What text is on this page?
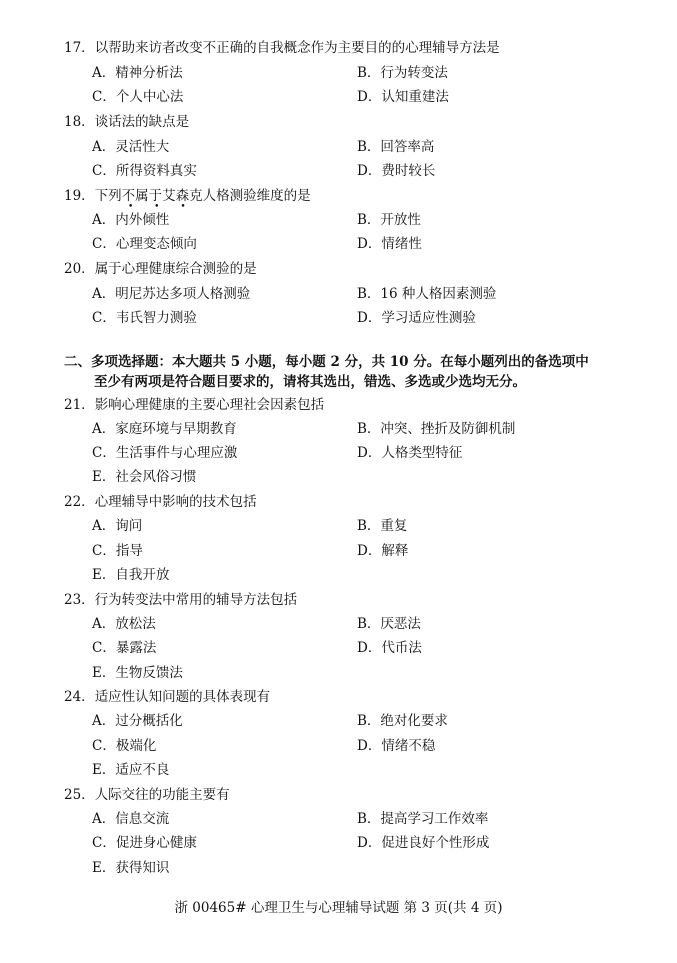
17．以帮助来访者改变不正确的自我概念作为主要目的的心理辅导方法是
A．精神分析法	B．行为转变法
C．个人中心法	D．认知重建法
18．谈话法的缺点是
A．灵活性大	B．回答率高
C．所得资料真实	D．费时较长
19．下列不属于艾森克人格测验维度的是
• • •
A．内外倾性	B．开放性
C．心理变态倾向	D．情绪性
20．属于心理健康综合测验的是
A．明尼苏达多项人格测验	B．16 种人格因素测验
C．韦氏智力测验	D．学习适应性测验
二、多项选择题：本大题共 5 小题，每小题 2 分，共 10 分。在每小题列出的备选项中
至少有两项是符合题目要求的，请将其选出，错选、多选或少选均无分。
21．影响心理健康的主要心理社会因素包括
A．家庭环境与早期教育	B．冲突、挫折及防御机制
C．生活事件与心理应激	D．人格类型特征
E．社会风俗习惯
22．心理辅导中影响的技术包括
A．询问	B．重复
C．指导	D．解释
E．自我开放
23．行为转变法中常用的辅导方法包括
A．放松法	B．厌恶法
C．暴露法	D．代币法
E．生物反馈法
24．适应性认知问题的具体表现有
A．过分概括化	B．绝对化要求
C．极端化	D．情绪不稳
E．适应不良
25．人际交往的功能主要有
A．信息交流	B．提高学习工作效率
C．促进身心健康	D．促进良好个性形成
E．获得知识
浙 00465# 心理卫生与心理辅导试题 第 3 页(共 4 页)
